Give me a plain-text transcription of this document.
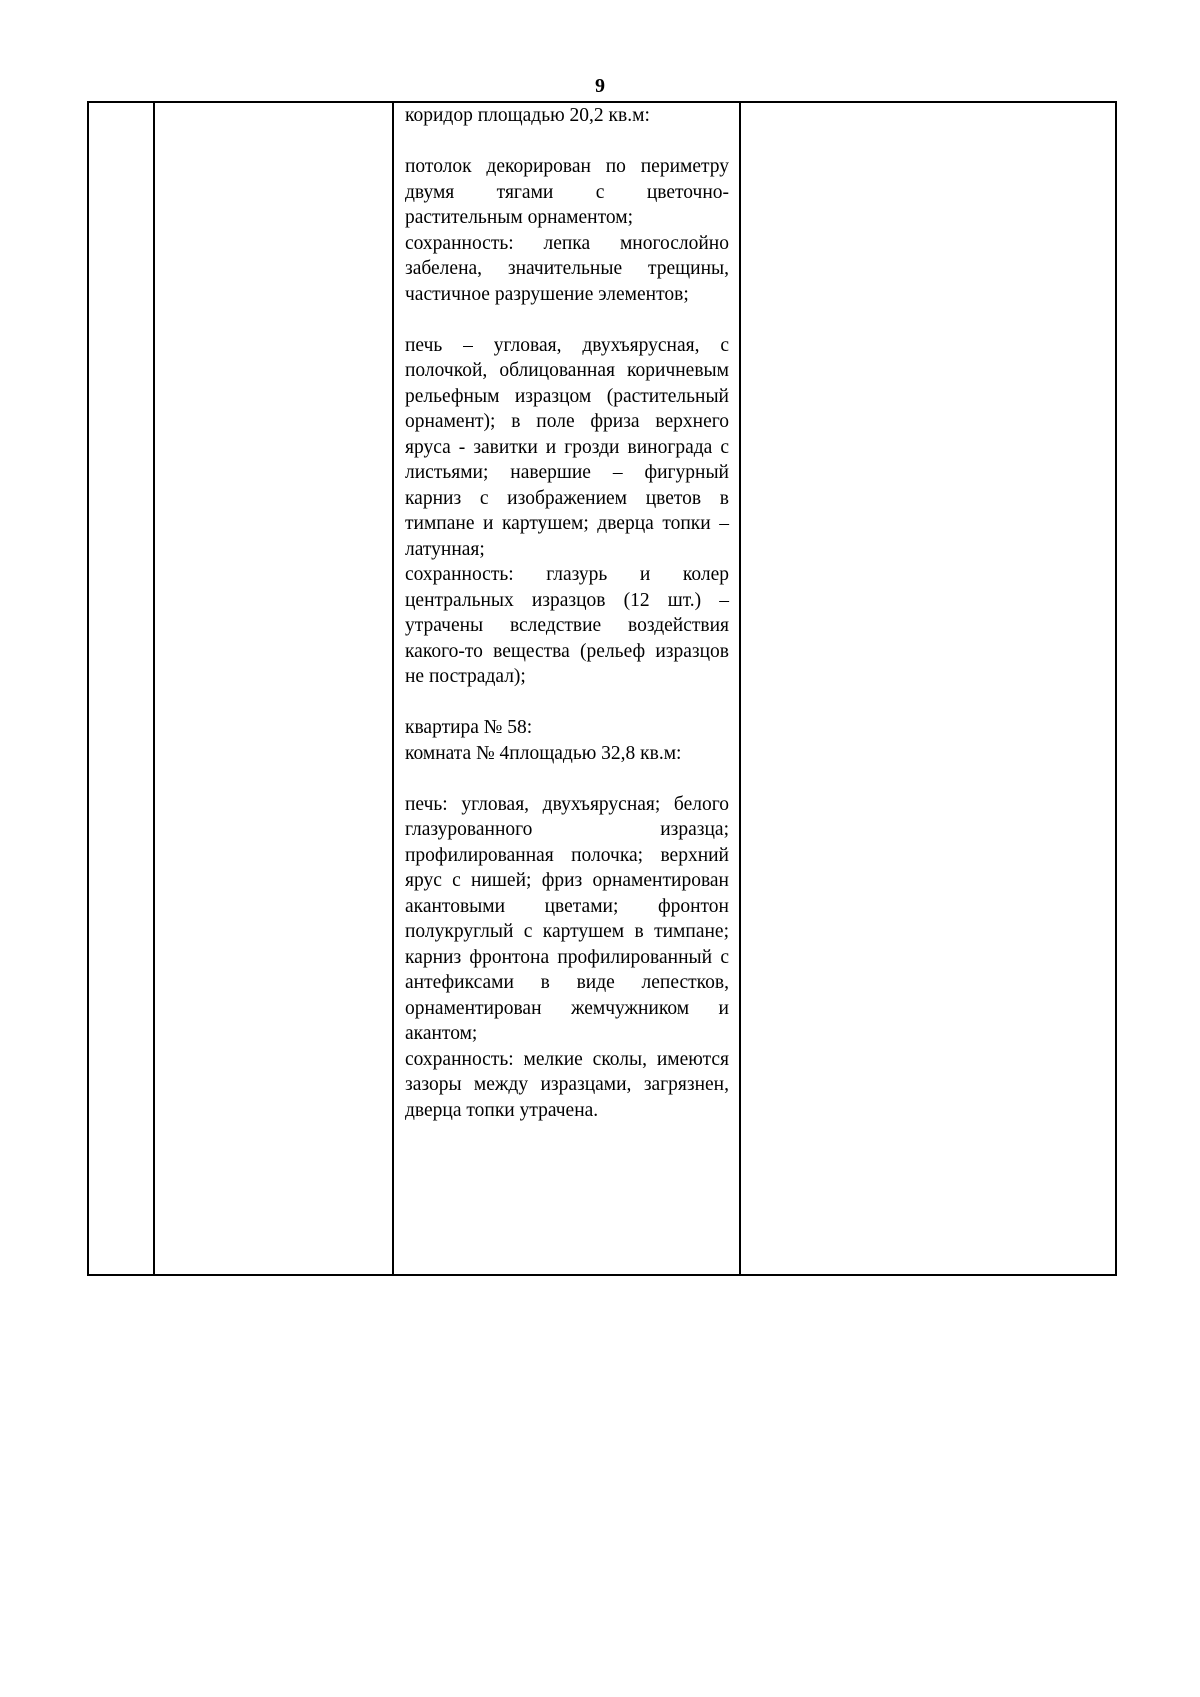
9

коридор площадью 20,2 кв.м:
потолок декорирован по периметру двумя тягами с цветочно-растительным орнаментом;
сохранность: лепка многослойно забелена, значительные трещины, частичное разрушение элементов;
печь – угловая, двухъярусная, с полочкой, облицованная коричневым рельефным изразцом (растительный орнамент); в поле фриза верхнего яруса - завитки и грозди винограда с листьями; навершие – фигурный карниз с изображением цветов в тимпане и картушем; дверца топки – латунная;
сохранность: глазурь и колер центральных изразцов (12 шт.) – утрачены вследствие воздействия какого-то вещества (рельеф изразцов не пострадал);
квартира № 58:
комната № 4площадью 32,8 кв.м:
печь: угловая, двухъярусная; белого глазурованного изразца; профилированная полочка; верхний ярус с нишей; фриз орнаментирован акантовыми цветами; фронтон полукруглый с картушем в тимпане; карниз фронтона профилированный с антефиксами в виде лепестков, орнаментирован жемчужником и акантом;
сохранность: мелкие сколы, имеются зазоры между изразцами, загрязнен, дверца топки утрачена.
